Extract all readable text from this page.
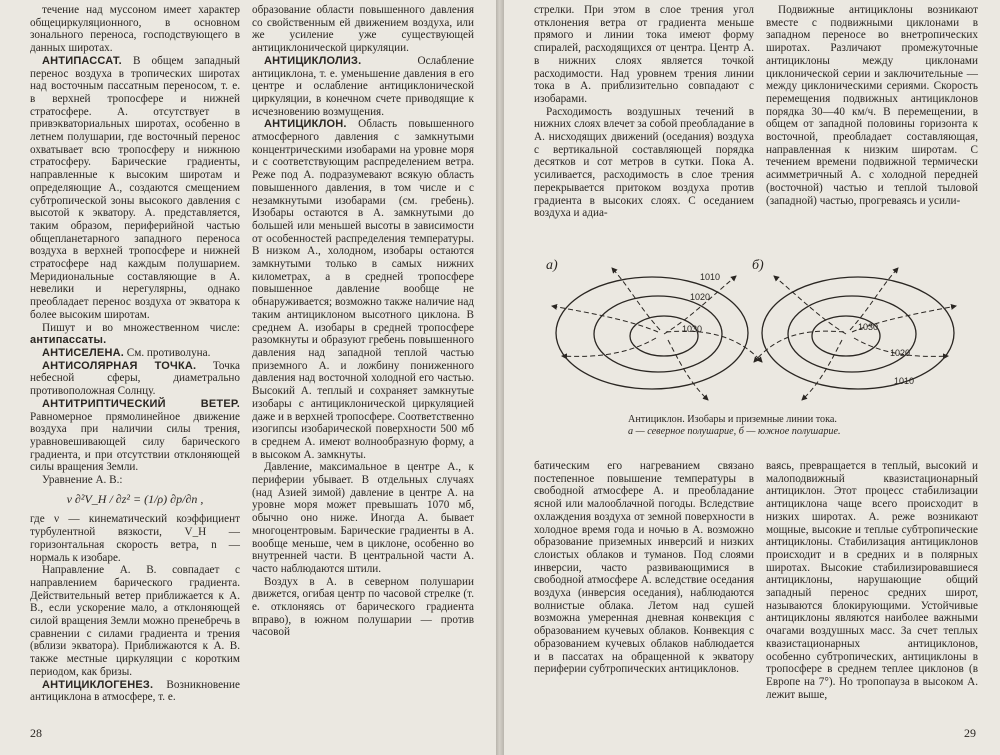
течение над муссоном имеет характер общециркуляционного, в основном зонального переноса, господствующего в данных широтах.

АНТИПАССАТ. В общем западный перенос воздуха в тропических широтах над восточным пассатным переносом, т. е. в верхней тропосфере и нижней стратосфере. А. отсутствует в привэкваториальных широтах, особенно в летнем полушарии, где восточный перенос охватывает всю тропосферу и нижнюю стратосферу. Барические градиенты, направленные к высоким широтам и определяющие А., создаются смещением субтропической зоны высокого давления с высотой к экватору. А. представляется, таким образом, периферийной частью общепланетарного западного переноса воздуха в верхней тропосфере и нижней стратосфере над каждым полушарием. Меридиональные составляющие в А. невелики и нерегулярны, однако преобладает перенос воздуха от экватора к более высоким широтам.

Пишут и во множественном числе: антипассаты.

АНТИСЕЛЕНА. См. противолуна.

АНТИСОЛЯРНАЯ ТОЧКА. Точка небесной сферы, диаметрально противоположная Солнцу.

АНТИТРИПТИЧЕСКИЙ ВЕТЕР. Равномерное прямолинейное движение воздуха при наличии силы трения, уравновешивающей силу барического градиента, и при отсутствии отклоняющей силы вращения Земли.

Уравнение А. В.:

ν ∂²V_H / ∂z² = (1/ρ) ∂p/∂n ,

где ν — кинематический коэффициент турбулентной вязкости, V_H — горизонтальная скорость ветра, n — нормаль к изобаре.

Направление А. В. совпадает с направлением барического градиента. Действительный ветер приближается к А. В., если ускорение мало, а отклоняющей силой вращения Земли можно пренебречь в сравнении с силами градиента и трения (вблизи экватора). Приближаются к А. В. также местные циркуляции с коротким периодом, как бризы.

АНТИЦИКЛОГЕНЕЗ. Возникновение антициклона в атмосфере, т. е.

образование области повышенного давления со свойственным ей движением воздуха, или же усиление уже существующей антициклонической циркуляции.

АНТИЦИКЛОЛИЗ. Ослабление антициклона, т. е. уменьшение давления в его центре и ослабление антициклонической циркуляции, в конечном счете приводящие к исчезновению возмущения.

АНТИЦИКЛОН. Область повышенного атмосферного давления с замкнутыми концентрическими изобарами на уровне моря и с соответствующим распределением ветра. Реже под А. подразумевают всякую область повышенного давления, в том числе и с незамкнутыми изобарами (см. гребень). Изобары остаются в А. замкнутыми до большей или меньшей высоты в зависимости от особенностей распределения температуры. В низком А., холодном, изобары остаются замкнутыми только в самых нижних километрах, а в средней тропосфере повышенное давление вообще не обнаруживается; возможно также наличие над таким антициклоном высотного циклона. В среднем А. изобары в средней тропосфере разомкнуты и образуют гребень повышенного давления над западной теплой частью приземного А. и ложбину пониженного давления над восточной холодной его частью. Высокий А. теплый и сохраняет замкнутые изобары с антициклонической циркуляцией даже и в верхней тропосфере. Соответственно изогипсы изобарической поверхности 500 мб в среднем А. имеют волнообразную форму, а в высоком А. замкнуты.

Давление, максимальное в центре А., к периферии убывает. В отдельных случаях (над Азией зимой) давление в центре А. на уровне моря может превышать 1070 мб, обычно оно ниже. Иногда А. бывает многоцентровым. Барические градиенты в А. вообще меньше, чем в циклоне, особенно во внутренней части. В центральной части А. часто наблюдаются штили.

Воздух в А. в северном полушарии движется, огибая центр по часовой стрелке (т. е. отклоняясь от барического градиента вправо), в южном полушарии — против часовой

28

стрелки. При этом в слое трения угол отклонения ветра от градиента меньше прямого и линии тока имеют форму спиралей, расходящихся от центра. Центр А. в нижних слоях является точкой расходимости. Над уровнем трения линии тока в А. приблизительно совпадают с изобарами.

Расходимость воздушных течений в нижних слоях влечет за собой преобладание в А. нисходящих движений (оседания) воздуха с вертикальной составляющей порядка десятков и сот метров в сутки. Пока А. усиливается, расходимость в слое трения перекрывается притоком воздуха против градиента в высоких слоях. С оседанием воздуха и адиа-

Подвижные антициклоны возникают вместе с подвижными циклонами в западном переносе во внетропических широтах. Различают промежуточные антициклоны между циклонами циклонической серии и заключительные — между циклоническими сериями. Скорость перемещения подвижных антициклонов порядка 30—40 км/ч. В перемещении, в общем от западной половины горизонта к восточной, преобладает составляющая, направленная к низким широтам. С течением времени подвижной термически асимметричный А. с холодной передней (восточной) частью и теплой тыловой (западной) частью, прогреваясь и усили-

а)	б)
1010
1020
1030	1030
1020
1010
Антициклон. Изобары и приземные линии тока.
а — северное полушарие, б — южное полушарие.

батическим его нагреванием связано постепенное повышение температуры в свободной атмосфере А. и преобладание ясной или малооблачной погоды. Вследствие охлаждения воздуха от земной поверхности в холодное время года и ночью в А. возможно образование приземных инверсий и низких слоистых облаков и туманов. Под слоями инверсии, часто развивающимися в свободной атмосфере А. вследствие оседания воздуха (инверсия оседания), наблюдаются волнистые облака. Летом над сушей возможна умеренная дневная конвекция с образованием кучевых облаков. Конвекция с образованием кучевых облаков наблюдается и в пассатах на обращенной к экватору периферии субтропических антициклонов.

ваясь, превращается в теплый, высокий и малоподвижный квазистационарный антициклон. Этот процесс стабилизации антициклона чаще всего происходит в низких широтах. А. реже возникают мощные, высокие и теплые субтропические антициклоны. Стабилизация антициклонов происходит и в средних и в полярных широтах. Высокие стабилизировавшиеся антициклоны, нарушающие общий западный перенос средних широт, называются блокирующими. Устойчивые антициклоны являются наиболее важными очагами воздушных масс. За счет теплых квазистационарных антициклонов, особенно субтропических, антициклоны в тропосфере в среднем теплее циклонов (в Европе на 7°). Но тропопауза в высоком А. лежит выше,

29
